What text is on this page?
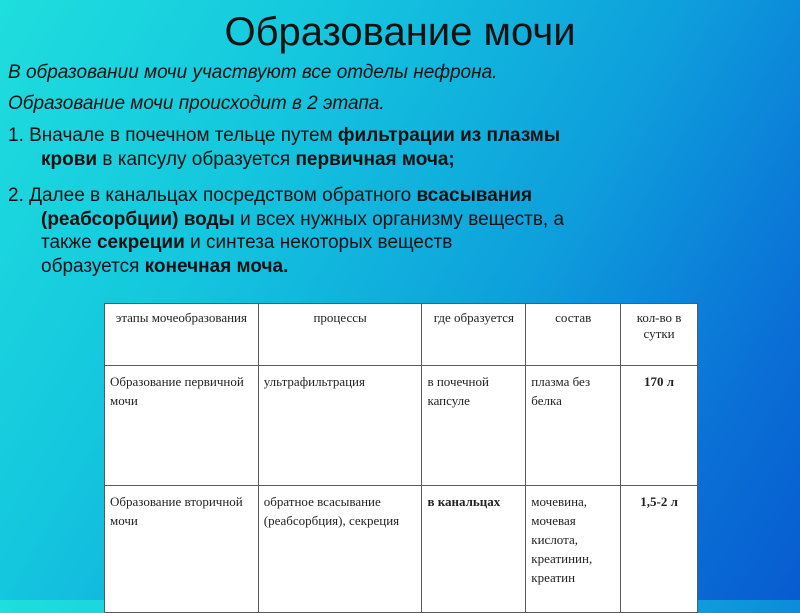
Образование мочи
В образовании мочи участвуют все отделы нефрона.
Образование мочи происходит в 2 этапа.
1. Вначале в почечном тельце путем фильтрации из плазмы
крови в капсулу образуется первичная моча;
2. Далее в канальцах посредством обратного всасывания
(реабсорбции) воды и всех нужных организму веществ, а
также секреции и синтеза некоторых веществ
образуется конечная моча.
этапы мочеобразования	процессы	где образуется	состав	кол-во в сутки
Образование первичной мочи	ультрафильтрация	в почечной капсуле	плазма без белка	170 л
Образование вторичной мочи	обратное всасывание (реабсорбция), секреция	в канальцах	мочевина, мочевая кислота, креатинин, креатин	1,5-2 л
